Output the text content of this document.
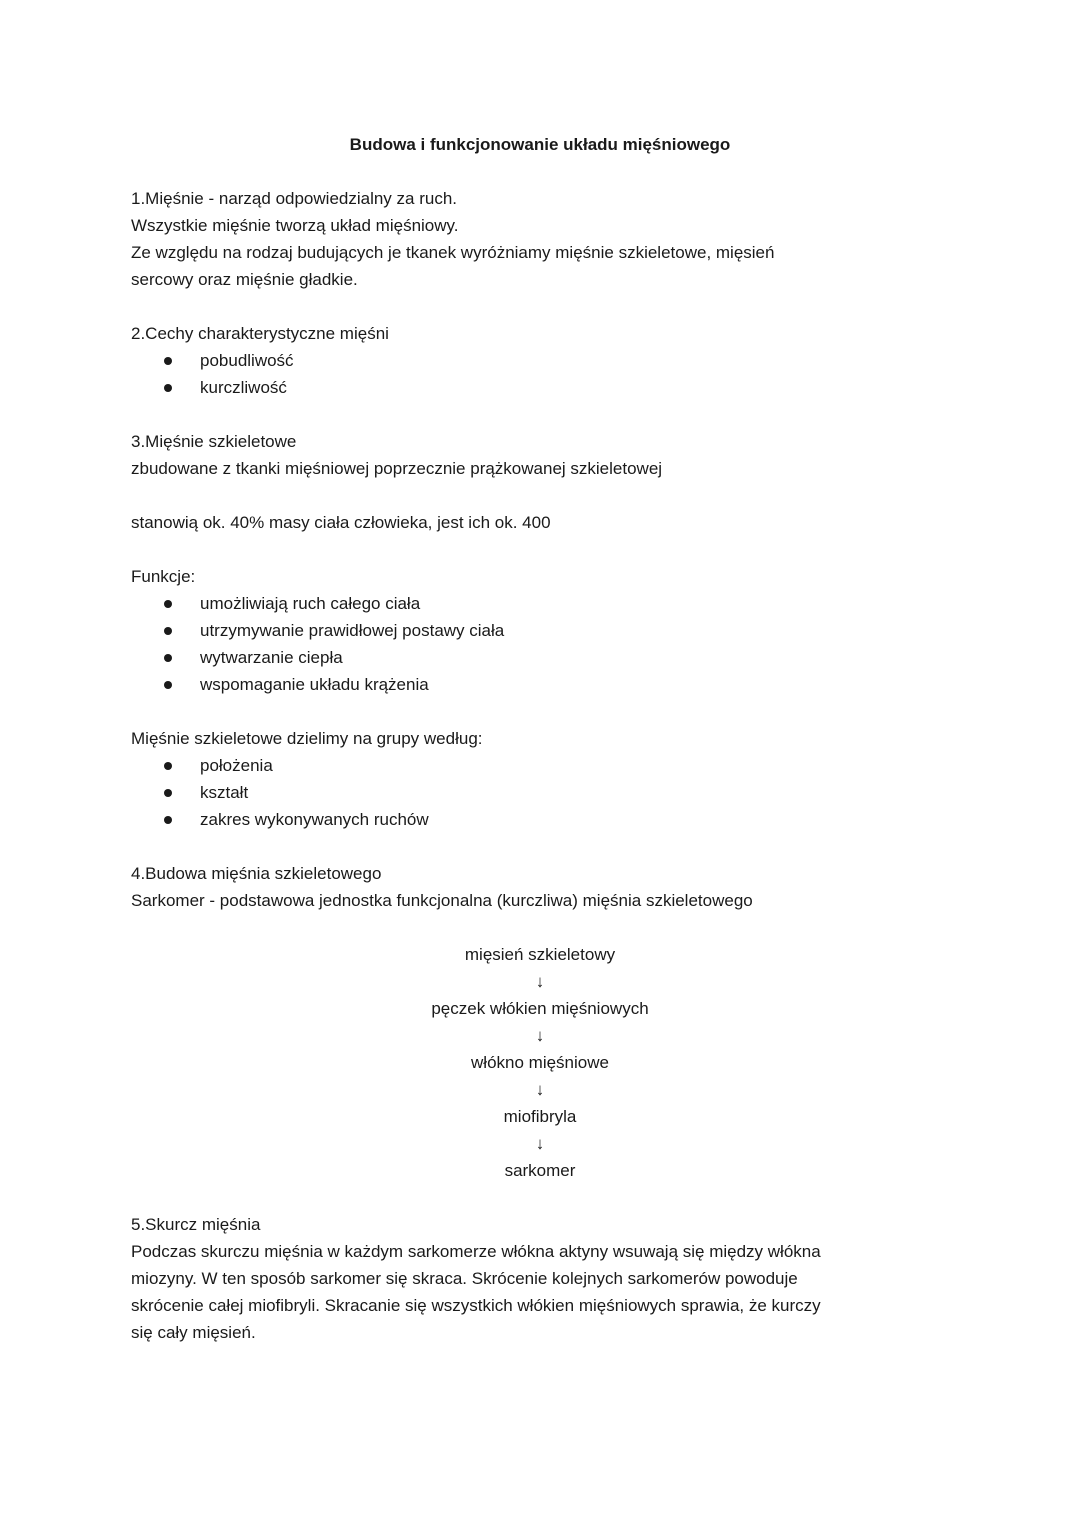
Budowa i funkcjonowanie układu mięśniowego
1.Mięśnie - narząd odpowiedzialny za ruch.
Wszystkie mięśnie tworzą układ mięśniowy.
Ze względu na rodzaj budujących je tkanek wyróżniamy mięśnie szkieletowe, mięsień
sercowy oraz mięśnie gładkie.
2.Cechy charakterystyczne mięśni
pobudliwość
kurczliwość
3.Mięśnie szkieletowe
zbudowane z tkanki mięśniowej poprzecznie prążkowanej szkieletowej
stanowią ok. 40% masy ciała człowieka, jest ich ok. 400
Funkcje:
umożliwiają ruch całego ciała
utrzymywanie prawidłowej postawy ciała
wytwarzanie ciepła
wspomaganie układu krążenia
Mięśnie szkieletowe dzielimy na grupy według:
położenia
kształt
zakres wykonywanych ruchów
4.Budowa mięśnia szkieletowego
Sarkomer - podstawowa jednostka funkcjonalna (kurczliwa) mięśnia szkieletowego
mięsień szkieletowy
↓
pęczek włókien mięśniowych
↓
włókno mięśniowe
↓
miofibryla
↓
sarkomer
5.Skurcz mięśnia
Podczas skurczu mięśnia w każdym sarkomerze włókna aktyny wsuwają się między włókna
miozyny. W ten sposób sarkomer się skraca. Skrócenie kolejnych sarkomerów powoduje
skrócenie całej miofibryli. Skracanie się wszystkich włókien mięśniowych sprawia, że kurczy
się cały mięsień.
